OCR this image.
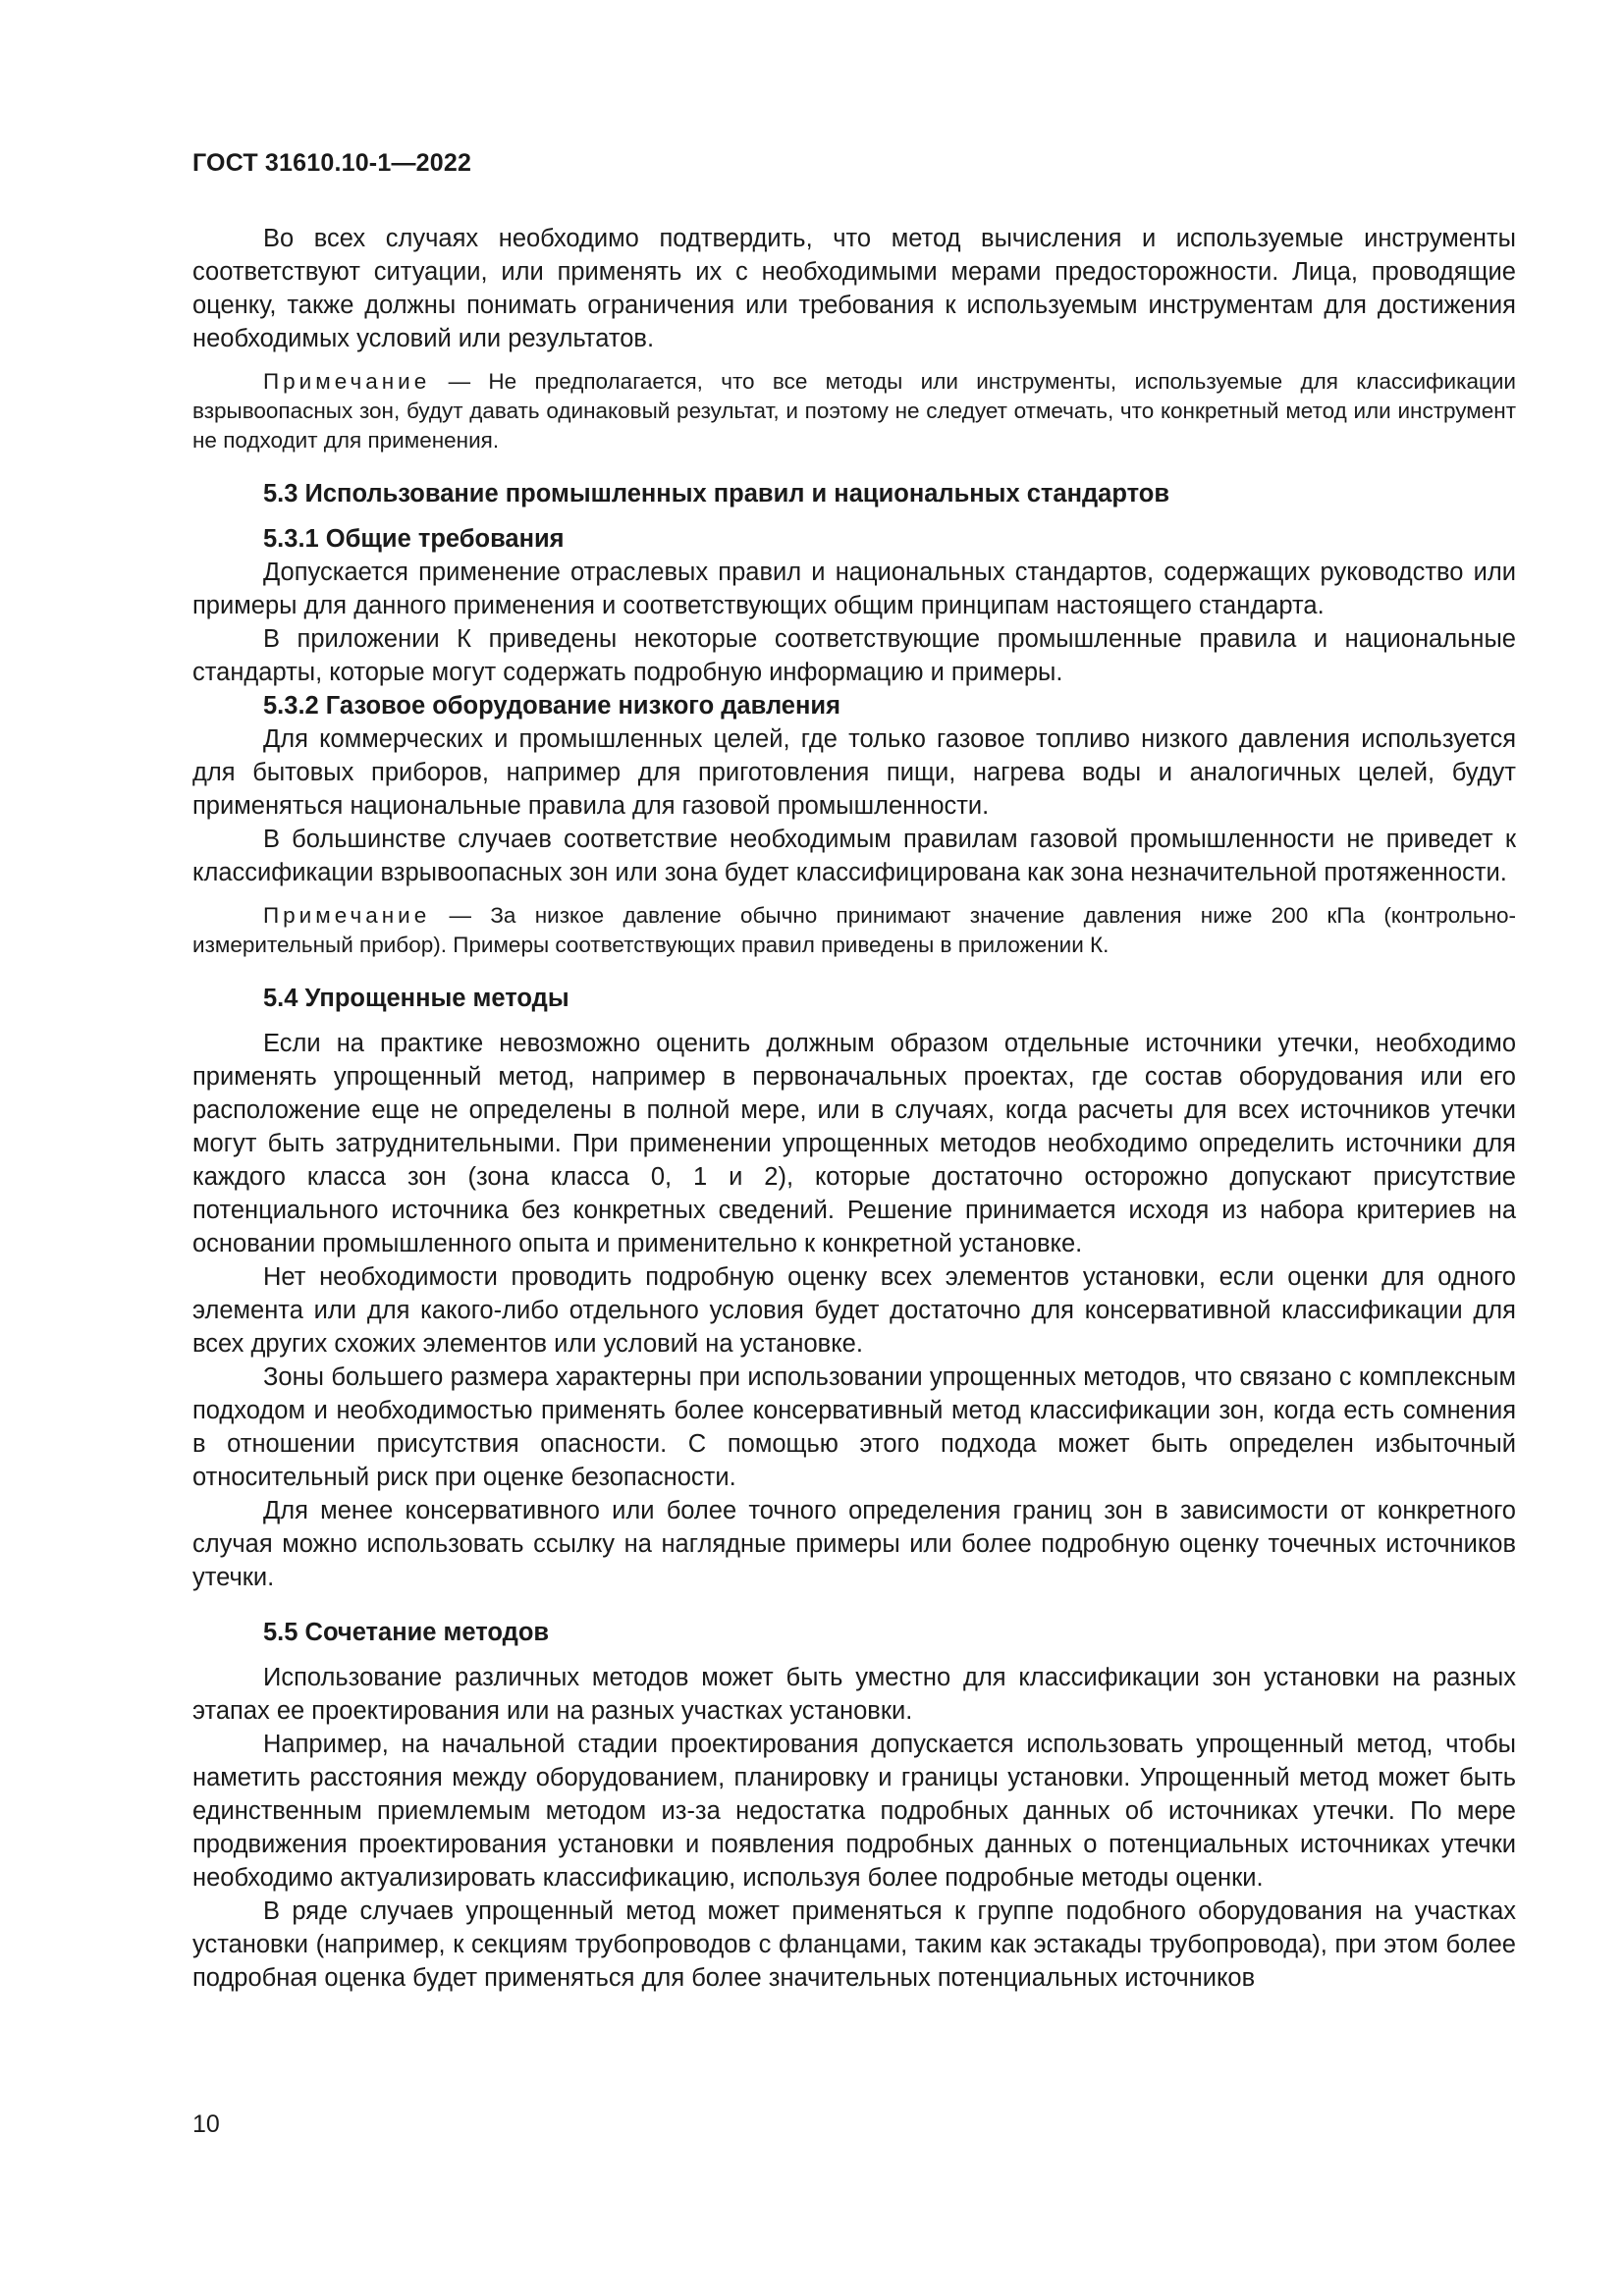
ГОСТ 31610.10-1—2022

Во всех случаях необходимо подтвердить, что метод вычисления и используемые инструменты соответствуют ситуации, или применять их с необходимыми мерами предосторожности. Лица, проводящие оценку, также должны понимать ограничения или требования к используемым инструментам для достижения необходимых условий или результатов.

Примечание — Не предполагается, что все методы или инструменты, используемые для классификации взрывоопасных зон, будут давать одинаковый результат, и поэтому не следует отмечать, что конкретный метод или инструмент не подходит для применения.

5.3 Использование промышленных правил и национальных стандартов

5.3.1 Общие требования

Допускается применение отраслевых правил и национальных стандартов, содержащих руководство или примеры для данного применения и соответствующих общим принципам настоящего стандарта.

В приложении К приведены некоторые соответствующие промышленные правила и национальные стандарты, которые могут содержать подробную информацию и примеры.

5.3.2 Газовое оборудование низкого давления

Для коммерческих и промышленных целей, где только газовое топливо низкого давления используется для бытовых приборов, например для приготовления пищи, нагрева воды и аналогичных целей, будут применяться национальные правила для газовой промышленности.

В большинстве случаев соответствие необходимым правилам газовой промышленности не приведет к классификации взрывоопасных зон или зона будет классифицирована как зона незначительной протяженности.

Примечание — За низкое давление обычно принимают значение давления ниже 200 кПа (контрольно-измерительный прибор). Примеры соответствующих правил приведены в приложении К.

5.4 Упрощенные методы

Если на практике невозможно оценить должным образом отдельные источники утечки, необходимо применять упрощенный метод, например в первоначальных проектах, где состав оборудования или его расположение еще не определены в полной мере, или в случаях, когда расчеты для всех источников утечки могут быть затруднительными. При применении упрощенных методов необходимо определить источники для каждого класса зон (зона класса 0, 1 и 2), которые достаточно осторожно допускают присутствие потенциального источника без конкретных сведений. Решение принимается исходя из набора критериев на основании промышленного опыта и применительно к конкретной установке.

Нет необходимости проводить подробную оценку всех элементов установки, если оценки для одного элемента или для какого-либо отдельного условия будет достаточно для консервативной классификации для всех других схожих элементов или условий на установке.

Зоны большего размера характерны при использовании упрощенных методов, что связано с комплексным подходом и необходимостью применять более консервативный метод классификации зон, когда есть сомнения в отношении присутствия опасности. С помощью этого подхода может быть определен избыточный относительный риск при оценке безопасности.

Для менее консервативного или более точного определения границ зон в зависимости от конкретного случая можно использовать ссылку на наглядные примеры или более подробную оценку точечных источников утечки.

5.5 Сочетание методов

Использование различных методов может быть уместно для классификации зон установки на разных этапах ее проектирования или на разных участках установки.

Например, на начальной стадии проектирования допускается использовать упрощенный метод, чтобы наметить расстояния между оборудованием, планировку и границы установки. Упрощенный метод может быть единственным приемлемым методом из-за недостатка подробных данных об источниках утечки. По мере продвижения проектирования установки и появления подробных данных о потенциальных источниках утечки необходимо актуализировать классификацию, используя более подробные методы оценки.

В ряде случаев упрощенный метод может применяться к группе подобного оборудования на участках установки (например, к секциям трубопроводов с фланцами, таким как эстакады трубопровода), при этом более подробная оценка будет применяться для более значительных потенциальных источников

10
